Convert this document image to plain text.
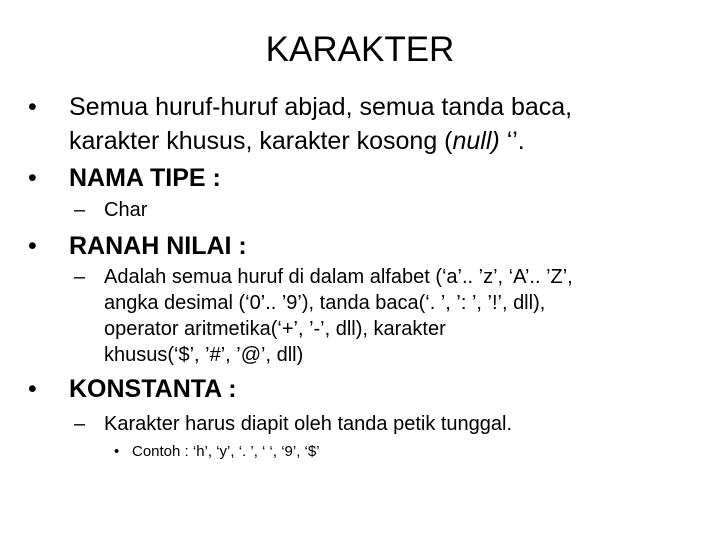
KARAKTER
• Semua huruf-huruf abjad, semua tanda baca,
karakter khusus, karakter kosong (null) ‘’.
• NAMA TIPE :
– Char
• RANAH NILAI :
– Adalah semua huruf di dalam alfabet (‘a’.. ’z’, ‘A’.. ’Z’,
angka desimal (‘0’.. ’9’), tanda baca(‘. ’, ’: ’, ’!’, dll),
operator aritmetika(‘+’, ’-’, dll), karakter
khusus(‘$’, ’#’, ’@’, dll)
• KONSTANTA :
– Karakter harus diapit oleh tanda petik tunggal.
• Contoh : ‘h’, ‘y’, ‘. ’, ‘ ‘, ‘9’, ‘$’
